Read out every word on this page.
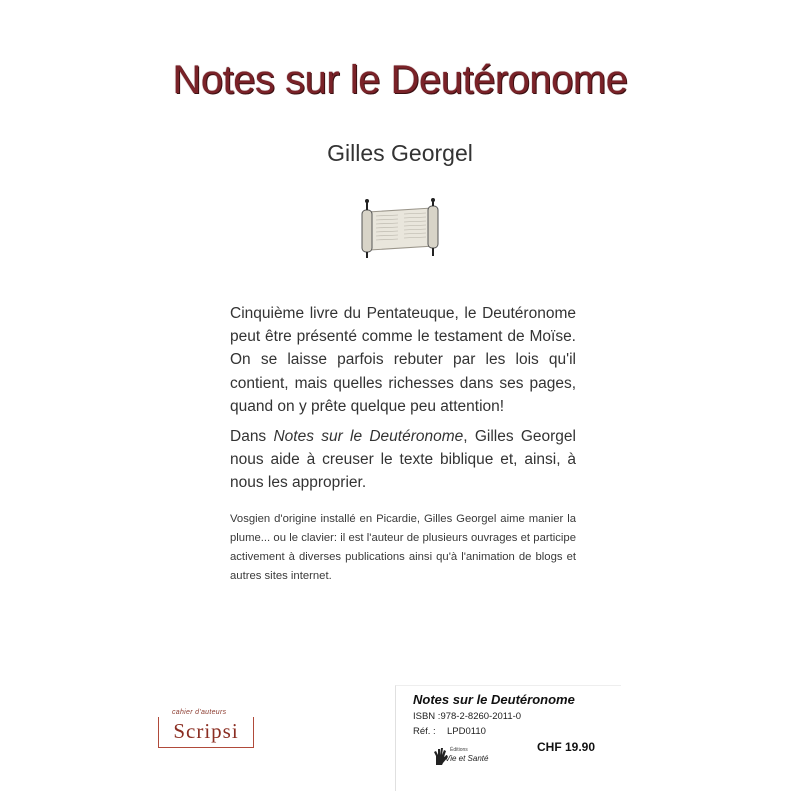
Notes sur le Deutéronome
Gilles Georgel

Cinquième livre du Pentateuque, le Deutéronome peut être présenté comme le testament de Moïse. On se laisse parfois rebuter par les lois qu'il contient, mais quelles richesses dans ses pages, quand on y prête quelque peu attention!

Dans Notes sur le Deutéronome, Gilles Georgel nous aide à creuser le texte biblique et, ainsi, à nous les approprier.

Vosgien d'origine installé en Picardie, Gilles Georgel aime manier la plume... ou le clavier: il est l'auteur de plusieurs ouvrages et participe activement à diverses publications ainsi qu'à l'animation de blogs et autres sites internet.
cahier d'auteurs
Scripsi
Notes sur le Deutéronome
ISBN :978-2-8260-2011-0
Réf. : LPD0110
Éditions
Vie et Santé
CHF 19.90
